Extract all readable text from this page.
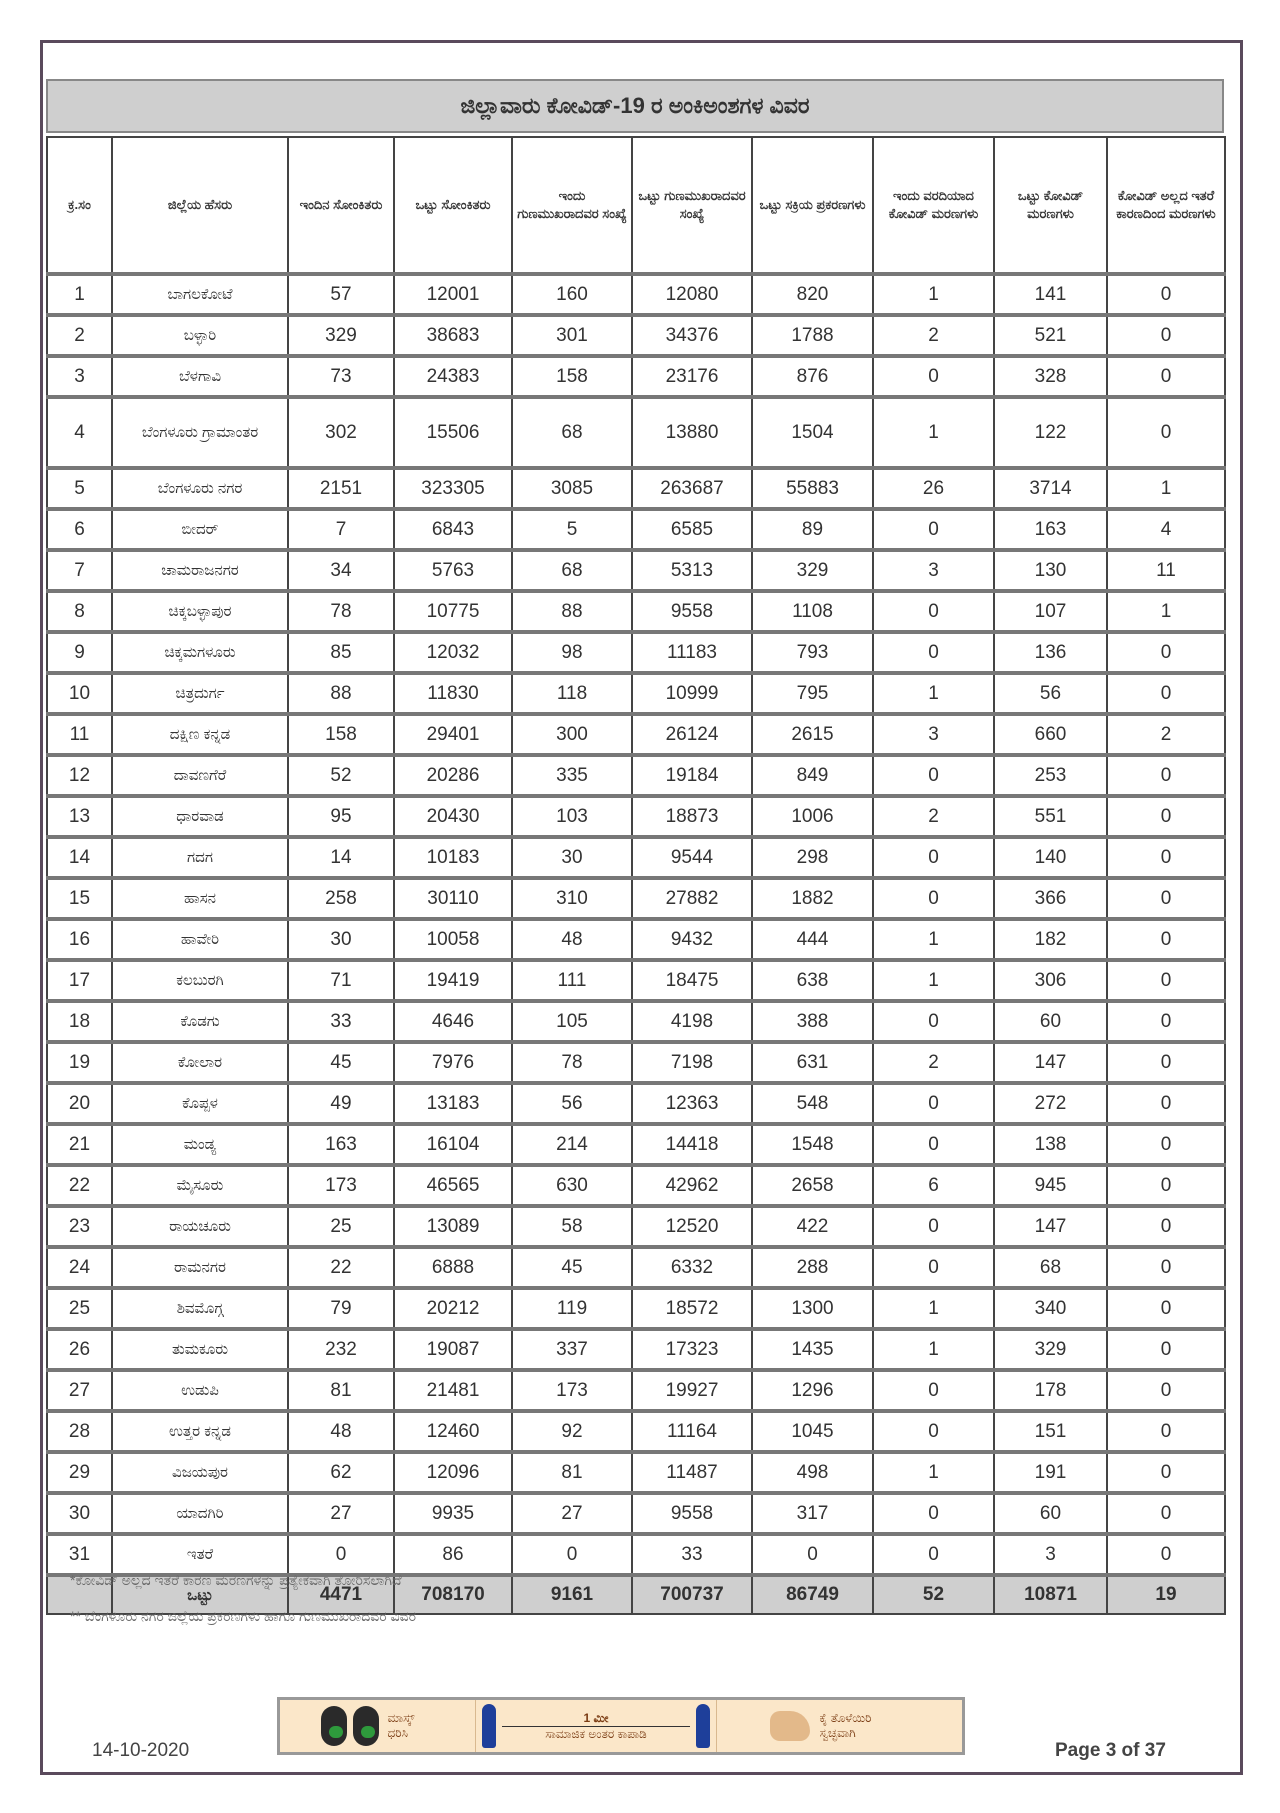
ಜಿಲ್ಲಾವಾರು ಕೋವಿಡ್-19 ರ ಅಂಕಿಅಂಶಗಳ ವಿವರ
ಕ್ರ.ಸಂ	ಜಿಲ್ಲೆಯ ಹೆಸರು	ಇಂದಿನ ಸೋಂಕಿತರು	ಒಟ್ಟು ಸೋಂಕಿತರು	ಇಂದು ಗುಣಮುಖರಾದವರ ಸಂಖ್ಯೆ	ಒಟ್ಟು ಗುಣಮುಖರಾದವರ ಸಂಖ್ಯೆ	ಒಟ್ಟು ಸಕ್ರಿಯ ಪ್ರಕರಣಗಳು	ಇಂದು ವರದಿಯಾದ ಕೋವಿಡ್ ಮರಣಗಳು	ಒಟ್ಟು ಕೋವಿಡ್ ಮರಣಗಳು	ಕೋವಿಡ್ ಅಲ್ಲದ ಇತರೆ ಕಾರಣದಿಂದ ಮರಣಗಳು
1	ಬಾಗಲಕೋಟೆ	57	12001	160	12080	820	1	141	0
2	ಬಳ್ಳಾರಿ	329	38683	301	34376	1788	2	521	0
3	ಬೆಳಗಾವಿ	73	24383	158	23176	876	0	328	0
4	ಬೆಂಗಳೂರು ಗ್ರಾಮಾಂತರ	302	15506	68	13880	1504	1	122	0
5	ಬೆಂಗಳೂರು ನಗರ	2151	323305	3085	263687	55883	26	3714	1
6	ಬೀದರ್	7	6843	5	6585	89	0	163	4
7	ಚಾಮರಾಜನಗರ	34	5763	68	5313	329	3	130	11
8	ಚಿಕ್ಕಬಳ್ಳಾಪುರ	78	10775	88	9558	1108	0	107	1
9	ಚಿಕ್ಕಮಗಳೂರು	85	12032	98	11183	793	0	136	0
10	ಚಿತ್ರದುರ್ಗ	88	11830	118	10999	795	1	56	0
11	ದಕ್ಷಿಣ ಕನ್ನಡ	158	29401	300	26124	2615	3	660	2
12	ದಾವಣಗೆರೆ	52	20286	335	19184	849	0	253	0
13	ಧಾರವಾಡ	95	20430	103	18873	1006	2	551	0
14	ಗದಗ	14	10183	30	9544	298	0	140	0
15	ಹಾಸನ	258	30110	310	27882	1882	0	366	0
16	ಹಾವೇರಿ	30	10058	48	9432	444	1	182	0
17	ಕಲಬುರಗಿ	71	19419	111	18475	638	1	306	0
18	ಕೊಡಗು	33	4646	105	4198	388	0	60	0
19	ಕೋಲಾರ	45	7976	78	7198	631	2	147	0
20	ಕೊಪ್ಪಳ	49	13183	56	12363	548	0	272	0
21	ಮಂಡ್ಯ	163	16104	214	14418	1548	0	138	0
22	ಮೈಸೂರು	173	46565	630	42962	2658	6	945	0
23	ರಾಯಚೂರು	25	13089	58	12520	422	0	147	0
24	ರಾಮನಗರ	22	6888	45	6332	288	0	68	0
25	ಶಿವಮೊಗ್ಗ	79	20212	119	18572	1300	1	340	0
26	ತುಮಕೂರು	232	19087	337	17323	1435	1	329	0
27	ಉಡುಪಿ	81	21481	173	19927	1296	0	178	0
28	ಉತ್ತರ ಕನ್ನಡ	48	12460	92	11164	1045	0	151	0
29	ವಿಜಯಪುರ	62	12096	81	11487	498	1	191	0
30	ಯಾದಗಿರಿ	27	9935	27	9558	317	0	60	0
31	ಇತರೆ	0	86	0	33	0	0	3	0
	ಒಟ್ಟು	4471	708170	9161	700737	86749	52	10871	19
*ಕೋವಿಡ್ ಅಲ್ಲದ ಇತರೆ ಕಾರಣ ಮರಣಗಳನ್ನು ಪ್ರತ್ಯೇಕವಾಗಿ ತೋರಿಸಲಾಗಿದೆ
** ಬೆಂಗಳೂರು ನಗರ ಜಿಲ್ಲೆಯ ಪ್ರಕರಣಗಳು ಹಾಗೂ ಗುಣಮುಖರಾದವರ ವಿವರ
14-10-2020
ಮಾಸ್ಕ್ ಧರಿಸಿ
1 ಮೀ
ಸಾಮಾಜಿಕ ಅಂತರ ಕಾಪಾಡಿ
ಕೈ ತೊಳೆಯಿರಿ ಸ್ವಚ್ಛವಾಗಿ
Page 3 of 37
